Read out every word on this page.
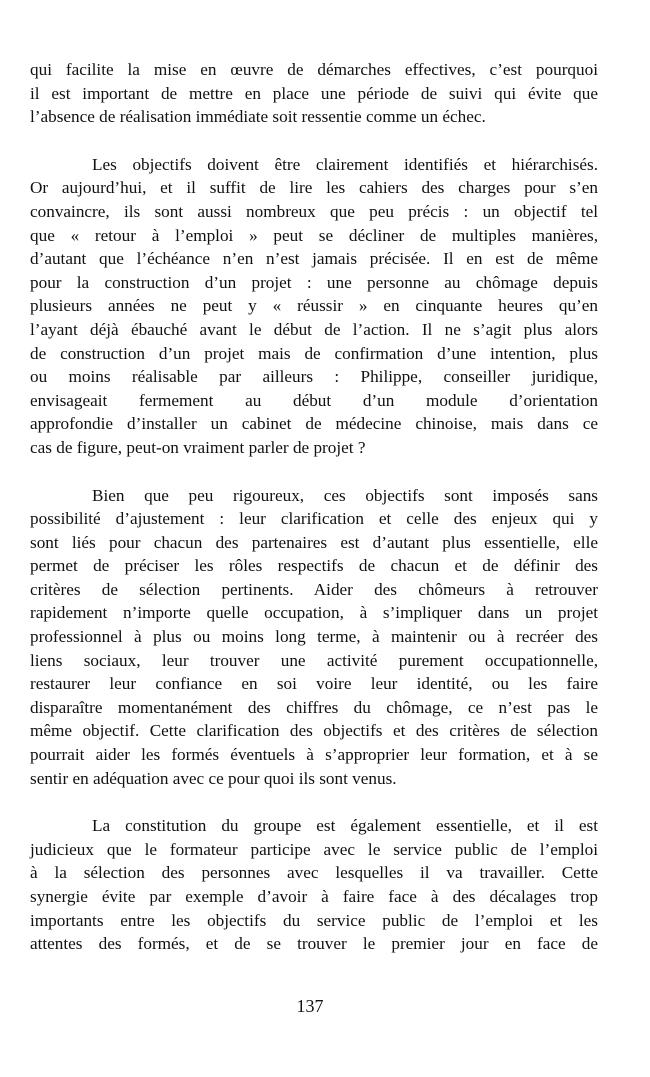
qui facilite la mise en œuvre de démarches effectives, c’est pourquoi
il est important de mettre en place une période de suivi qui évite que
l’absence de réalisation immédiate soit ressentie comme un échec.
Les objectifs doivent être clairement identifiés et hiérarchisés.
Or aujourd’hui, et il suffit de lire les cahiers des charges pour s’en
convaincre, ils sont aussi nombreux que peu précis : un objectif tel
que « retour à l’emploi » peut se décliner de multiples manières,
d’autant que l’échéance n’en n’est jamais précisée. Il en est de même
pour la construction d’un projet : une personne au chômage depuis
plusieurs années ne peut y « réussir » en cinquante heures qu’en
l’ayant déjà ébauché avant le début de l’action. Il ne s’agit plus alors
de construction d’un projet mais de confirmation d’une intention, plus
ou moins réalisable par ailleurs : Philippe, conseiller juridique,
envisageait fermement au début d’un module d’orientation
approfondie d’installer un cabinet de médecine chinoise, mais dans ce
cas de figure, peut-on vraiment parler de projet ?
Bien que peu rigoureux, ces objectifs sont imposés sans
possibilité d’ajustement : leur clarification et celle des enjeux qui y
sont liés pour chacun des partenaires est d’autant plus essentielle, elle
permet de préciser les rôles respectifs de chacun et de définir des
critères de sélection pertinents. Aider des chômeurs à retrouver
rapidement n’importe quelle occupation, à s’impliquer dans un projet
professionnel à plus ou moins long terme, à maintenir ou à recréer des
liens sociaux, leur trouver une activité purement occupationnelle,
restaurer leur confiance en soi voire leur identité, ou les faire
disparaître momentanément des chiffres du chômage, ce n’est pas le
même objectif. Cette clarification des objectifs et des critères de sélection
pourrait aider les formés éventuels à s’approprier leur formation, et à se
sentir en adéquation avec ce pour quoi ils sont venus.
La constitution du groupe est également essentielle, et il est
judicieux que le formateur participe avec le service public de l’emploi
à la sélection des personnes avec lesquelles il va travailler. Cette
synergie évite par exemple d’avoir à faire face à des décalages trop
importants entre les objectifs du service public de l’emploi et les
attentes des formés, et de se trouver le premier jour en face de
137
